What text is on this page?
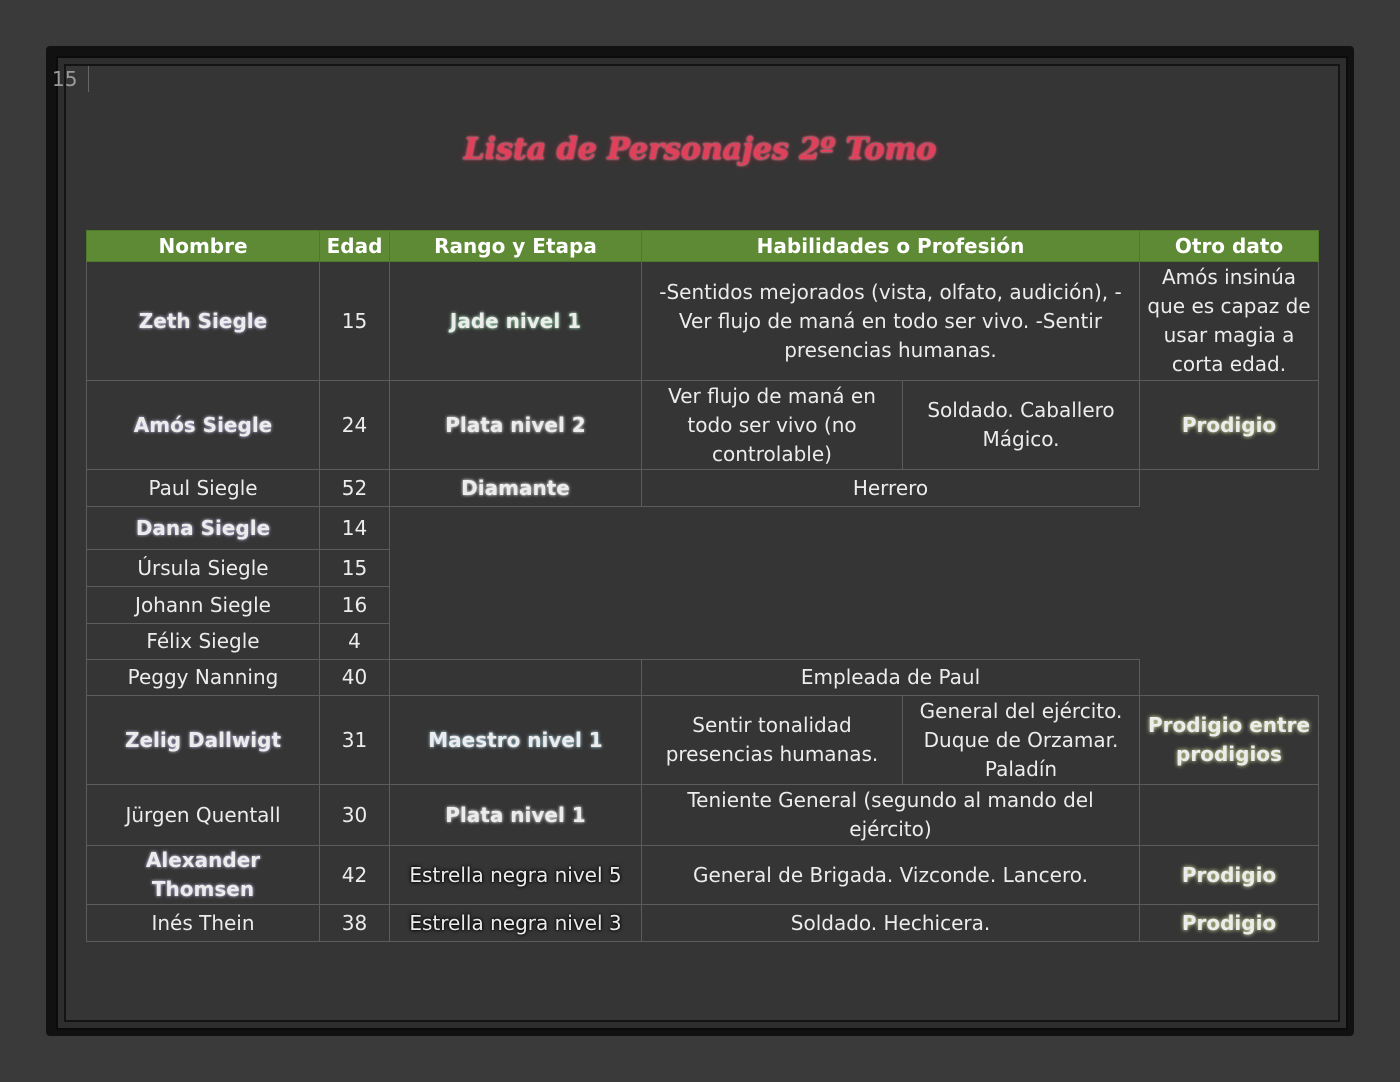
15
Lista de Personajes 2º Tomo
Nombre	Edad	Rango y Etapa	Habilidades o Profesión		Otro dato
Zeth Siegle	15	Jade nivel 1	-Sentidos mejorados (vista, olfato, audición), -Ver flujo de maná en todo ser vivo. -Sentir presencias humanas.		Amós insinúa que es capaz de usar magia a corta edad.
Amós Siegle	24	Plata nivel 2	Ver flujo de maná en todo ser vivo (no controlable)	Soldado. Caballero Mágico.	Prodigio
Paul Siegle	52	Diamante	Herrero		
Dana Siegle	14				
Úrsula Siegle	15				
Johann Siegle	16				
Félix Siegle	4				
Peggy Nanning	40		Empleada de Paul		
Zelig Dallwigt	31	Maestro nivel 1	Sentir tonalidad presencias humanas.	General del ejército. Duque de Orzamar. Paladín	Prodigio entre prodigios
Jürgen Quentall	30	Plata nivel 1	Teniente General (segundo al mando del ejército)		
Alexander Thomsen	42	Estrella negra nivel 5	General de Brigada. Vizconde. Lancero.		Prodigio
Inés Thein	38	Estrella negra nivel 3	Soldado. Hechicera.		Prodigio
